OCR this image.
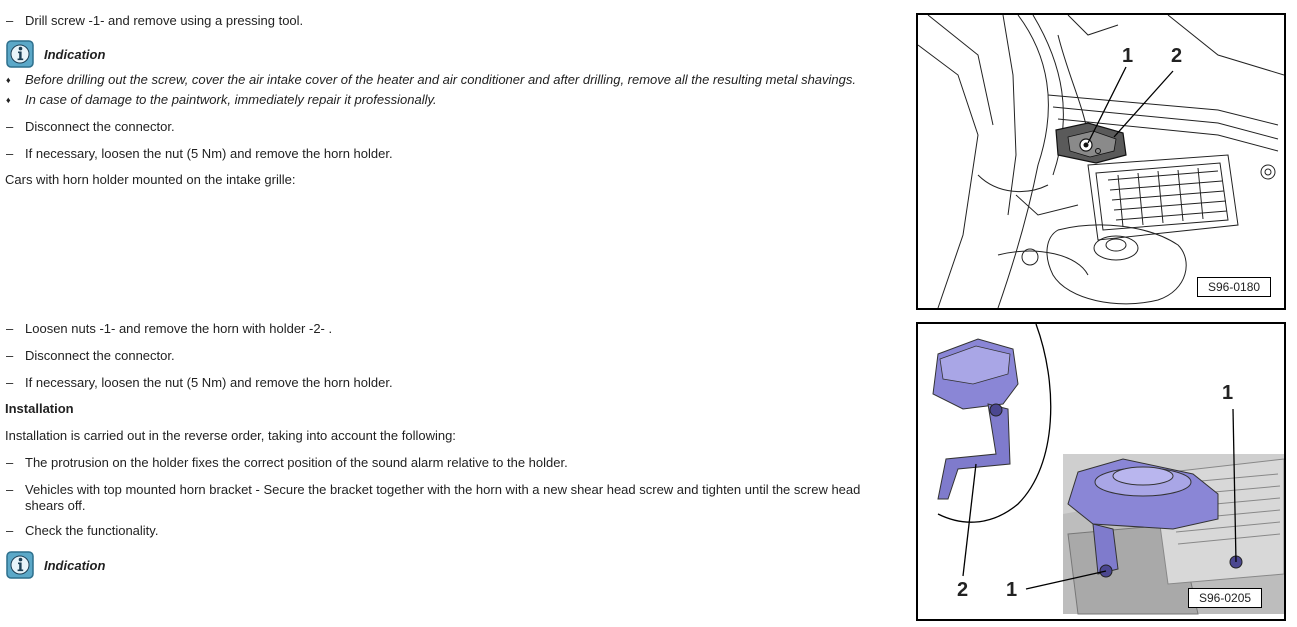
– Drill screw -1- and remove using a pressing tool.
Indication
♦ Before drilling out the screw, cover the air intake cover of the heater and air conditioner and after drilling, remove all the resulting metal shavings.
♦ In case of damage to the paintwork, immediately repair it professionally.
– Disconnect the connector.
– If necessary, loosen the nut (5 Nm) and remove the horn holder.
Cars with horn holder mounted on the intake grille:
– Loosen nuts -1- and remove the horn with holder -2- .
– Disconnect the connector.
– If necessary, loosen the nut (5 Nm) and remove the horn holder.
Installation
Installation is carried out in the reverse order, taking into account the following:
– The protrusion on the holder fixes the correct position of the sound alarm relative to the holder.
– Vehicles with top mounted horn bracket - Secure the bracket together with the horn with a new shear head screw and tighten until the screw head shears off.
– Check the functionality.
Indication
1 2
S96-0180
2 1
1
S96-0205
